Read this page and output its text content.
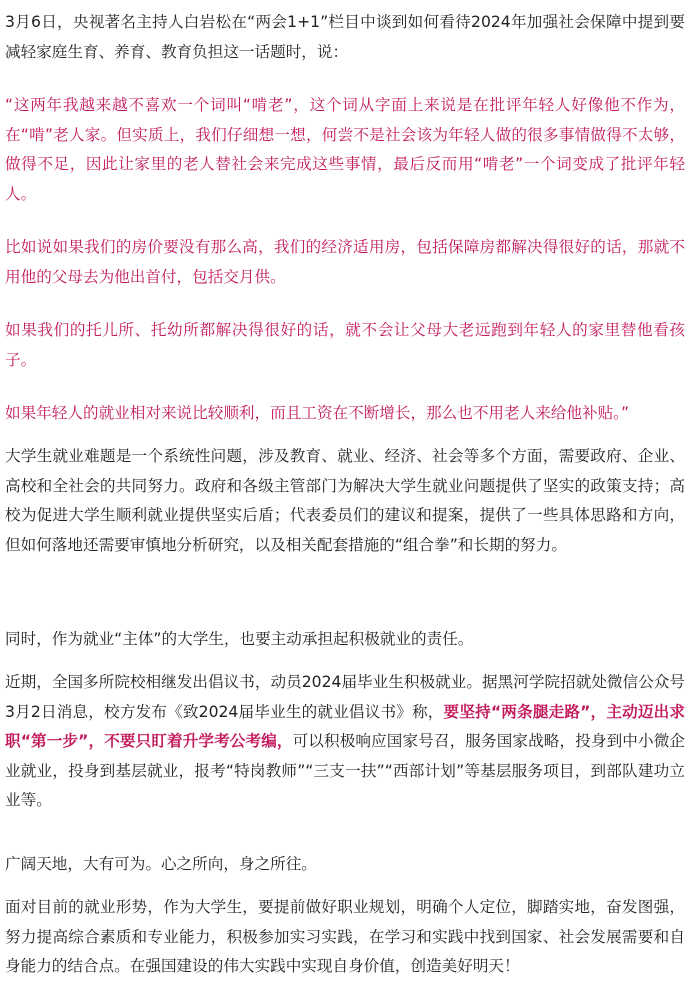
3月6日，央视著名主持人白岩松在“两会1+1”栏目中谈到如何看待2024年加强社会保障中提到要减轻家庭生育、养育、教育负担这一话题时，说：

“这两年我越来越不喜欢一个词叫“啃老”，这个词从字面上来说是在批评年轻人好像他不作为，在“啃”老人家。但实质上，我们仔细想一想，何尝不是社会该为年轻人做的很多事情做得不太够，做得不足，因此让家里的老人替社会来完成这些事情，最后反而用“啃老”一个词变成了批评年轻人。

比如说如果我们的房价要没有那么高，我们的经济适用房，包括保障房都解决得很好的话，那就不用他的父母去为他出首付，包括交月供。

如果我们的托儿所、托幼所都解决得很好的话，就不会让父母大老远跑到年轻人的家里替他看孩子。

如果年轻人的就业相对来说比较顺利，而且工资在不断增长，那么也不用老人来给他补贴。”

大学生就业难题是一个系统性问题，涉及教育、就业、经济、社会等多个方面，需要政府、企业、高校和全社会的共同努力。政府和各级主管部门为解决大学生就业问题提供了坚实的政策支持；高校为促进大学生顺利就业提供坚实后盾；代表委员们的建议和提案，提供了一些具体思路和方向，但如何落地还需要审慎地分析研究，以及相关配套措施的“组合拳”和长期的努力。

同时，作为就业“主体”的大学生，也要主动承担起积极就业的责任。

近期，全国多所院校相继发出倡议书，动员2024届毕业生积极就业。据黑河学院招就处微信公众号3月2日消息，校方发布《致2024届毕业生的就业倡议书》称，要坚持“两条腿走路”，主动迈出求职“第一步”，不要只盯着升学考公考编，可以积极响应国家号召，服务国家战略，投身到中小微企业就业，投身到基层就业，报考“特岗教师”“三支一扶”“西部计划”等基层服务项目，到部队建功立业等。

广阔天地，大有可为。心之所向，身之所往。

面对目前的就业形势，作为大学生，要提前做好职业规划，明确个人定位，脚踏实地，奋发图强，努力提高综合素质和专业能力，积极参加实习实践，在学习和实践中找到国家、社会发展需要和自身能力的结合点。在强国建设的伟大实践中实现自身价值，创造美好明天！
